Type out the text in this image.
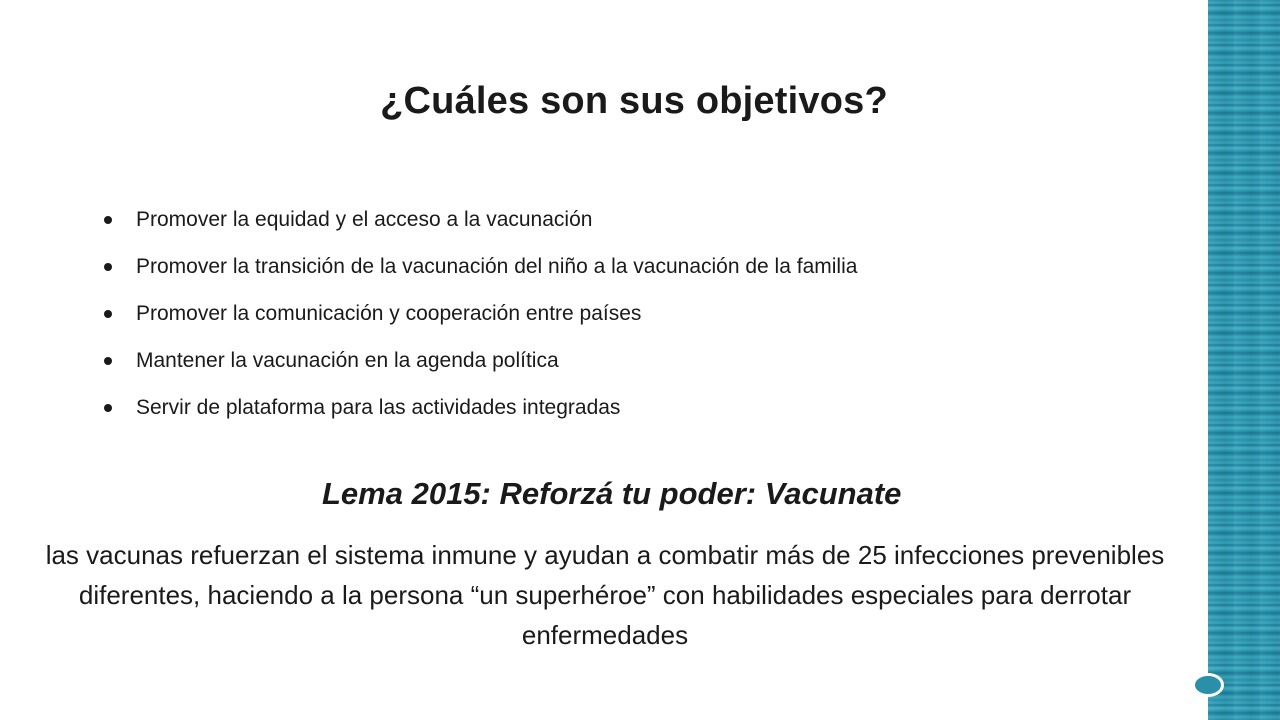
¿Cuáles son sus objetivos?
Promover la equidad y el acceso a la vacunación
Promover la transición de la vacunación del niño a la vacunación de la familia
Promover la comunicación y cooperación entre países
Mantener la vacunación en la agenda política
Servir de plataforma para las actividades integradas
Lema 2015: Reforzá tu poder: Vacunate

las vacunas refuerzan el sistema inmune y ayudan a combatir más de 25 infecciones prevenibles diferentes, haciendo a la persona “un superhéroe” con habilidades especiales para derrotar enfermedades
